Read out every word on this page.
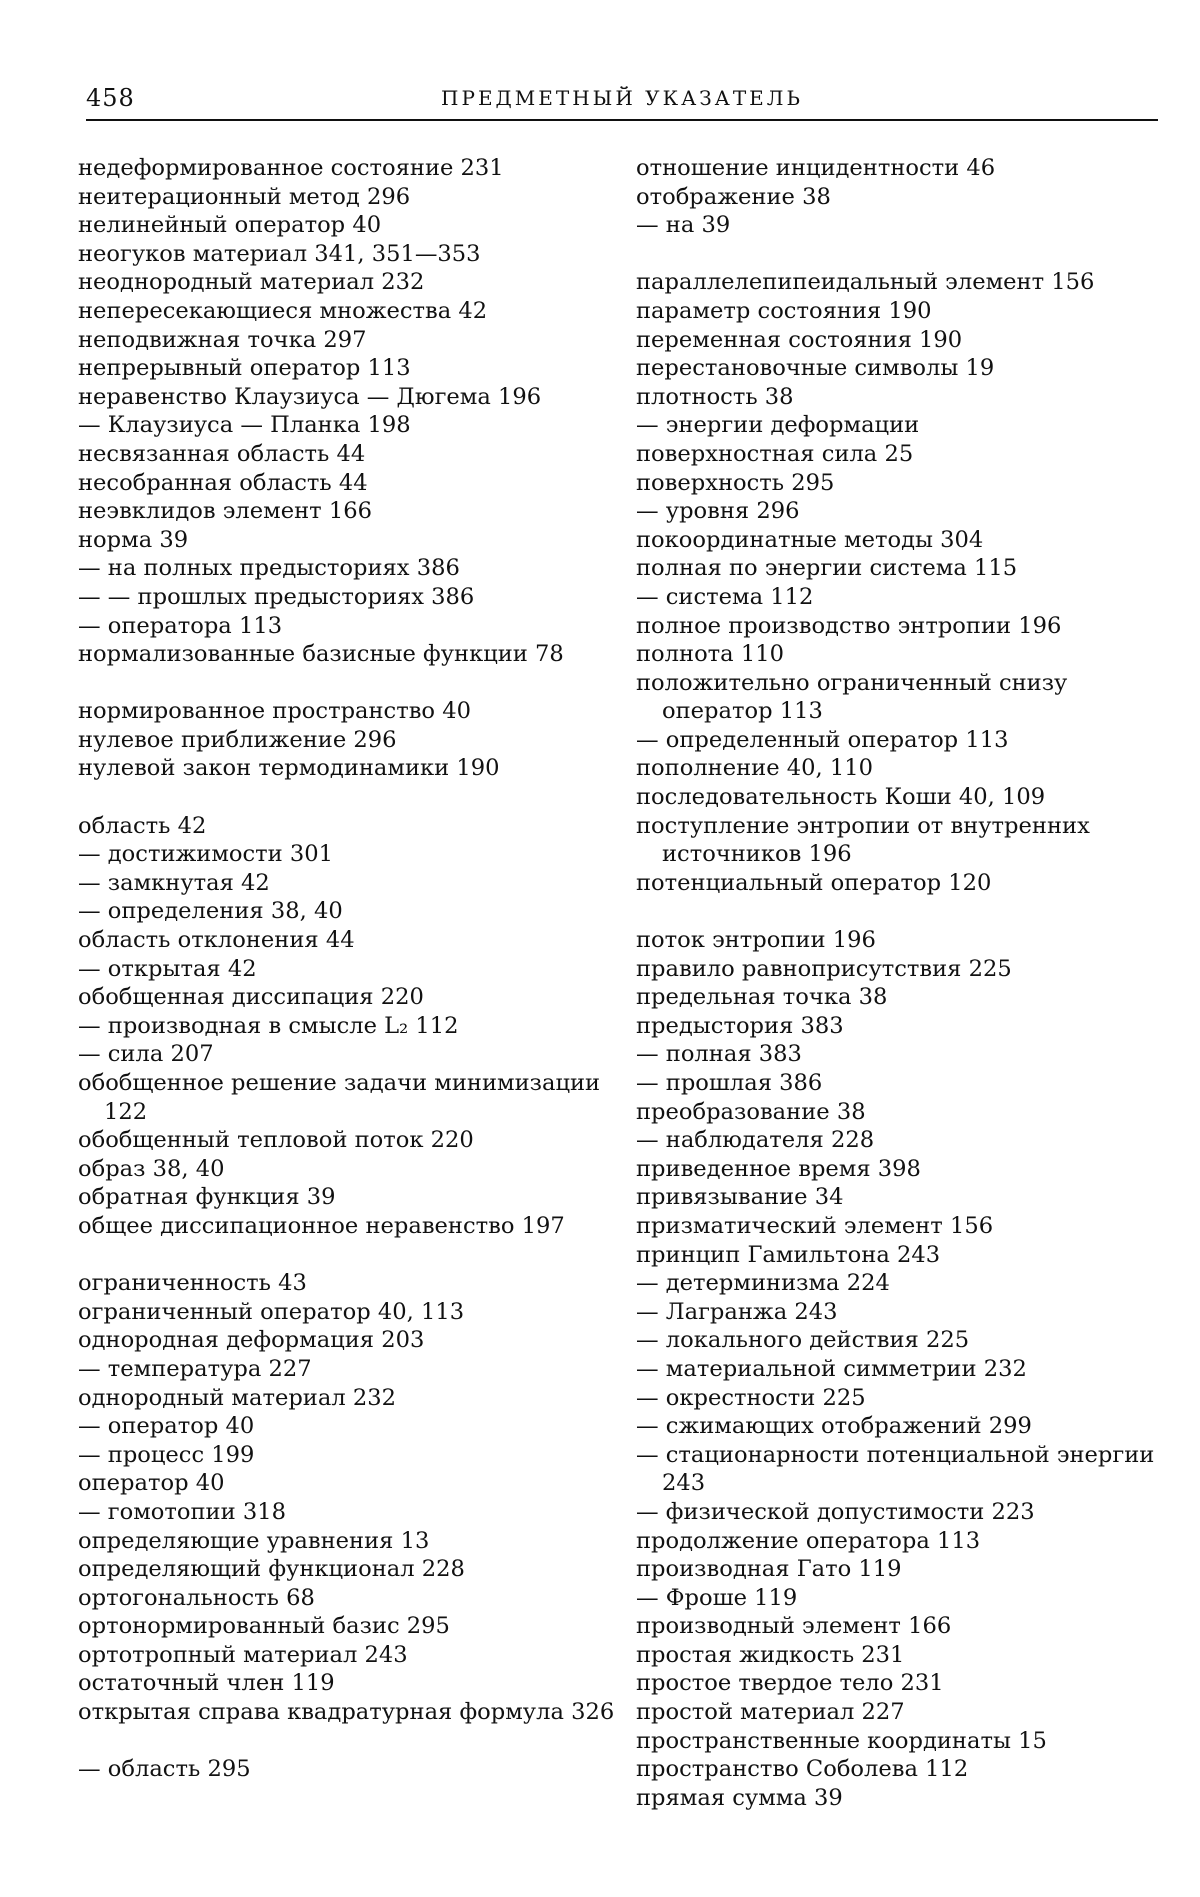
458	ПРЕДМЕТНЫЙ УКАЗАТЕЛЬ
недеформированное состояние 231
неитерационный метод 296
нелинейный оператор 40
неогуков материал 341, 351—353
неоднородный материал 232
непересекающиеся множества 42
неподвижная точка 297
непрерывный оператор 113
неравенство Клаузиуса — Дюгема 196
— Клаузиуса — Планка 198
несвязанная область 44
несобранная область 44
неэвклидов элемент 166
норма 39
— на полных предысториях 386
— — прошлых предысториях 386
— оператора 113
нормализованные базисные функции 78
нормированное пространство 40
нулевое приближение 296
нулевой закон термодинамики 190
область 42
— достижимости 301
— замкнутая 42
— определения 38, 40
область отклонения 44
— открытая 42
обобщенная диссипация 220
— производная в смысле L₂ 112
— сила 207
обобщенное решение задачи минимизации 122
обобщенный тепловой поток 220
образ 38, 40
обратная функция 39
общее диссипационное неравенство 197
ограниченность 43
ограниченный оператор 40, 113
однородная деформация 203
— температура 227
однородный материал 232
— оператор 40
— процесс 199
оператор 40
— гомотопии 318
определяющие уравнения 13
определяющий функционал 228
ортогональность 68
ортонормированный базис 295
ортотропный материал 243
остаточный член 119
открытая справа квадратурная формула 326
— область 295
отношение инцидентности 46
отображение 38
— на 39
параллелепипеидальный элемент 156
параметр состояния 190
переменная состояния 190
перестановочные символы 19
плотность 38
— энергии деформации
поверхностная сила 25
поверхность 295
— уровня 296
покоординатные методы 304
полная по энергии система 115
— система 112
полное производство энтропии 196
полнота 110
положительно ограниченный снизу оператор 113
— определенный оператор 113
пополнение 40, 110
последовательность Коши 40, 109
поступление энтропии от внутренних источников 196
потенциальный оператор 120
поток энтропии 196
правило равноприсутствия 225
предельная точка 38
предыстория 383
— полная 383
— прошлая 386
преобразование 38
— наблюдателя 228
приведенное время 398
привязывание 34
призматический элемент 156
принцип Гамильтона 243
— детерминизма 224
— Лагранжа 243
— локального действия 225
— материальной симметрии 232
— окрестности 225
— сжимающих отображений 299
— стационарности потенциальной энергии 243
— физической допустимости 223
продолжение оператора 113
производная Гато 119
— Фроше 119
производный элемент 166
простая жидкость 231
простое твердое тело 231
простой материал 227
пространственные координаты 15
пространство Соболева 112
прямая сумма 39
